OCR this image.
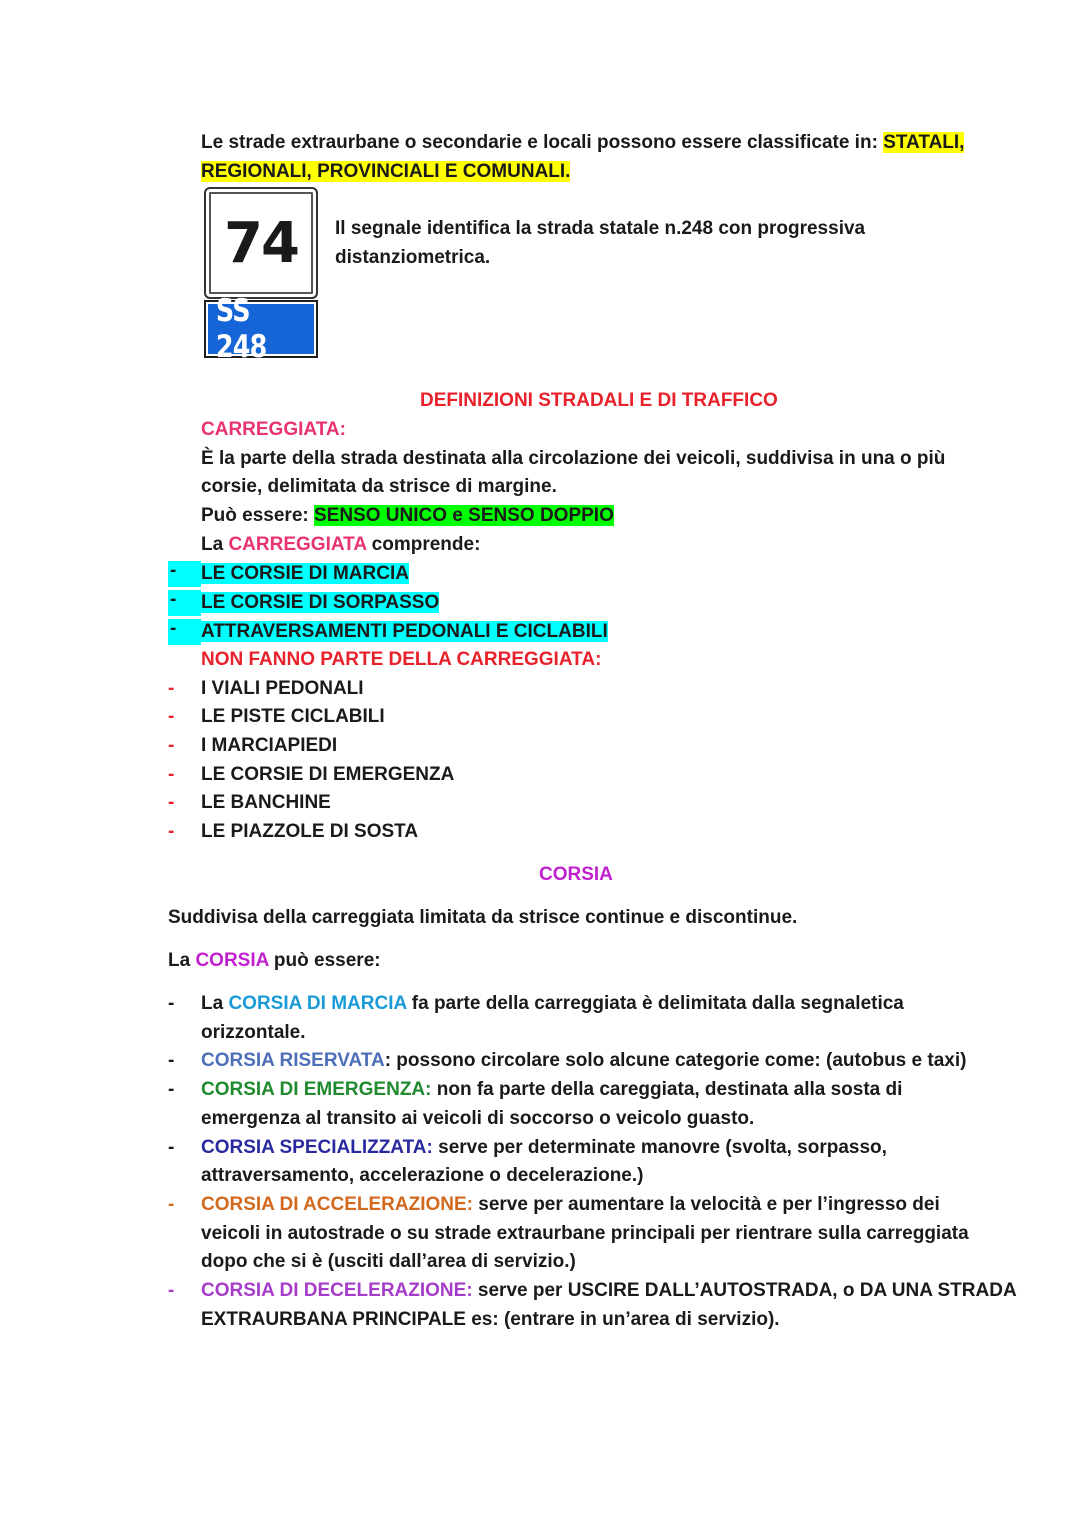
Le strade extraurbane o secondarie e locali possono essere classificate in: STATALI,
REGIONALI, PROVINCIALI E COMUNALI.
74
SS 248
Il segnale identifica la strada statale n.248 con progressiva
distanziometrica.
DEFINIZIONI STRADALI E DI TRAFFICO
CARREGGIATA:
È la parte della strada destinata alla circolazione dei veicoli, suddivisa in una o più
corsie, delimitata da strisce di margine.
Può essere: SENSO UNICO e SENSO DOPPIO
La CARREGGIATA comprende:
- LE CORSIE DI MARCIA
- LE CORSIE DI SORPASSO
- ATTRAVERSAMENTI PEDONALI E CICLABILI
NON FANNO PARTE DELLA CARREGGIATA:
- I VIALI PEDONALI
- LE PISTE CICLABILI
- I MARCIAPIEDI
- LE CORSIE DI EMERGENZA
- LE BANCHINE
- LE PIAZZOLE DI SOSTA
CORSIA
Suddivisa della carreggiata limitata da strisce continue e discontinue.
La CORSIA può essere:
- La CORSIA DI MARCIA fa parte della carreggiata è delimitata dalla segnaletica
orizzontale.
- CORSIA RISERVATA: possono circolare solo alcune categorie come: (autobus e taxi)
- CORSIA DI EMERGENZA: non fa parte della careggiata, destinata alla sosta di
emergenza al transito ai veicoli di soccorso o veicolo guasto.
- CORSIA SPECIALIZZATA: serve per determinate manovre (svolta, sorpasso,
attraversamento, accelerazione o decelerazione.)
- CORSIA DI ACCELERAZIONE: serve per aumentare la velocità e per l’ingresso dei
veicoli in autostrade o su strade extraurbane principali per rientrare sulla carreggiata
dopo che si è (usciti dall’area di servizio.)
- CORSIA DI DECELERAZIONE: serve per USCIRE DALL’AUTOSTRADA, o DA UNA STRADA
EXTRAURBANA PRINCIPALE es: (entrare in un’area di servizio).
